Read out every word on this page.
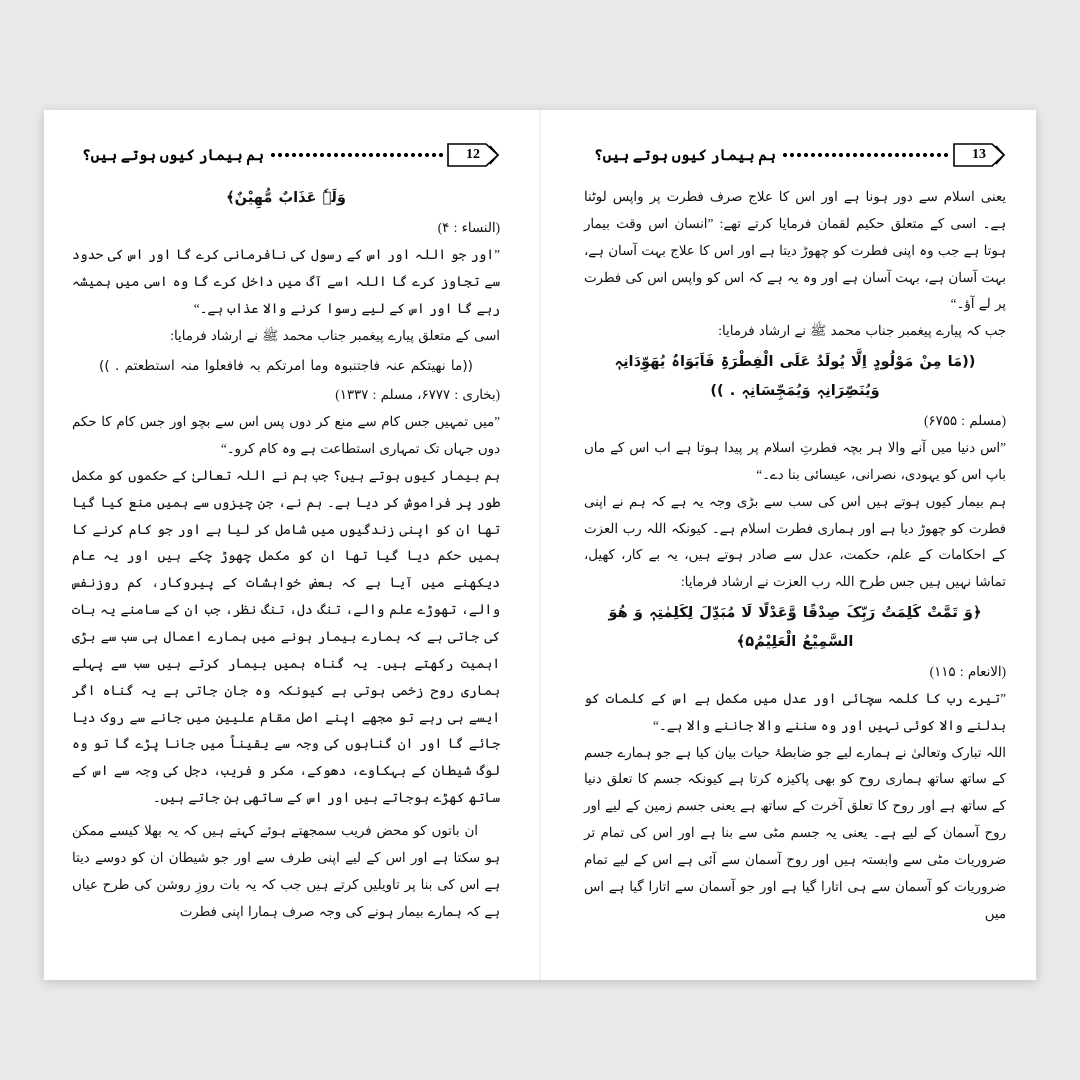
ہم بیمار کیوں ہوتے ہیں؟	13

یعنی اسلام سے دور ہونا ہے اور اس کا علاج صرف فطرت پر واپس لوٹنا ہے۔ اسی کے متعلق حکیم لقمان فرمایا کرتے تھے: ”انسان اس وقت بیمار ہوتا ہے جب وہ اپنی فطرت کو چھوڑ دیتا ہے اور اس کا علاج بہت آسان ہے، بہت آسان ہے، بہت آسان ہے اور وہ یہ ہے کہ اس کو واپس اس کی فطرت پر لے آؤ۔“

جب کہ پیارے پیغمبر جناب محمد ﷺ نے ارشاد فرمایا:

((مَا مِنْ مَوْلُودٍ اِلَّا یُولَدُ عَلَی الْفِطْرَۃِ فَاَبَوَاہُ یُھَوِّدَانِہٖ وَیُنَصِّرَانِہٖ وَیُمَجِّسَانِہٖ . ))

(مسلم : ۶۷۵۵)

”اس دنیا میں آنے والا ہر بچہ فطرتِ اسلام پر پیدا ہوتا ہے اب اس کے ماں باپ اس کو یہودی، نصرانی، عیسائی بنا دے۔“

ہم بیمار کیوں ہوتے ہیں اس کی سب سے بڑی وجہ یہ ہے کہ ہم نے اپنی فطرت کو چھوڑ دیا ہے اور ہماری فطرت اسلام ہے۔ کیونکہ اللہ رب العزت کے احکامات کے علم، حکمت، عدل سے صادر ہوتے ہیں، یہ بے کار، کھیل، تماشا نہیں ہیں جس طرح اللہ رب العزت نے ارشاد فرمایا:

﴿وَ تَمَّتْ کَلِمَتُ رَبِّکَ صِدْقًا وَّعَدْلًا لَا مُبَدِّلَ لِکَلِمٰتِہٖ وَ ھُوَ السَّمِیْعُ الْعَلِیْمُ۵﴾

(الانعام : ۱۱۵)

”تیرے رب کا کلمہ سچائی اور عدل میں مکمل ہے اس کے کلمات کو بدلنے والا کوئی نہیں اور وہ سننے والا جاننے والا ہے۔“

اللہ تبارک وتعالیٰ نے ہمارے لیے جو ضابطۂ حیات بیان کیا ہے جو ہمارے جسم کے ساتھ ساتھ ہماری روح کو بھی پاکیزہ کرتا ہے کیونکہ جسم کا تعلق دنیا کے ساتھ ہے اور روح کا تعلق آخرت کے ساتھ ہے یعنی جسم زمین کے لیے اور روح آسمان کے لیے ہے۔ یعنی یہ جسم مٹی سے بنا ہے اور اس کی تمام تر ضروریات مٹی سے وابستہ ہیں اور روح آسمان سے آئی ہے اس کے لیے تمام ضروریات کو آسمان سے ہی اتارا گیا ہے اور جو آسمان سے اتارا گیا ہے اس میں

ہم بیمار کیوں ہوتے ہیں؟	12
وَلَہٗ عَذَابٌ مُّھِیْنٌ﴾

(النساء : ۴)

”اور جو اللہ اور اس کے رسول کی نافرمانی کرے گا اور اس کی حدود سے تجاوز کرے گا اللہ اسے آگ میں داخل کرے گا وہ اسی میں ہمیشہ رہے گا اور اس کے لیے رسوا کرنے والا عذاب ہے۔“

اسی کے متعلق پیارے پیغمبر جناب محمد ﷺ نے ارشاد فرمایا:

((ما نھیتکم عنہ فاجتنبوہ وما امرتکم بہ فافعلوا منہ استطعتم . ))

(بخاری : ۶۷۷۷، مسلم : ۱۳۳۷)

”میں تمہیں جس کام سے منع کر دوں پس اس سے بچو اور جس کام کا حکم دوں جہاں تک تمہاری استطاعت ہے وہ کام کرو۔“

ہم بیمار کیوں ہوتے ہیں؟ جب ہم نے اللہ تعالیٰ کے حکموں کو مکمل طور پر فراموش کر دیا ہے۔ ہم نے، جن چیزوں سے ہمیں منع کیا گیا تھا ان کو اپنی زندگیوں میں شامل کر لیا ہے اور جو کام کرنے کا ہمیں حکم دیا گیا تھا ان کو مکمل چھوڑ چکے ہیں اور یہ عام دیکھنے میں آیا ہے کہ بعض خواہشات کے پیروکار، کم روزنفس والے، تھوڑے علم والے، تنگ دل، تنگ نظر، جب ان کے سامنے یہ بات کی جاتی ہے کہ ہمارے بیمار ہونے میں ہمارے اعمال ہی سب سے بڑی اہمیت رکھتے ہیں۔ یہ گناہ ہمیں بیمار کرتے ہیں سب سے پہلے ہماری روح زخمی ہوتی ہے کیونکہ وہ جان جاتی ہے یہ گناہ اگر ایسے ہی رہے تو مجھے اپنے اصل مقام علیین میں جانے سے روک دیا جائے گا اور ان گناہوں کی وجہ سے یقیناً میں جانا پڑے گا تو وہ لوگ شیطان کے بہکاوے، دھوکے، مکر و فریب، دجل کی وجہ سے اس کے ساتھ کھڑے ہوجاتے ہیں اور اس کے ساتھی بن جاتے ہیں۔

ان باتوں کو محض فریب سمجھتے ہوئے کہتے ہیں کہ یہ بھلا کیسے ممکن ہو سکتا ہے اور اس کے لیے اپنی طرف سے اور جو شیطان ان کو دوسے دیتا ہے اس کی بنا پر تاویلیں کرتے ہیں جب کہ یہ بات روزِ روشن کی طرح عیاں ہے کہ ہمارے بیمار ہونے کی وجہ صرف ہمارا اپنی فطرت
